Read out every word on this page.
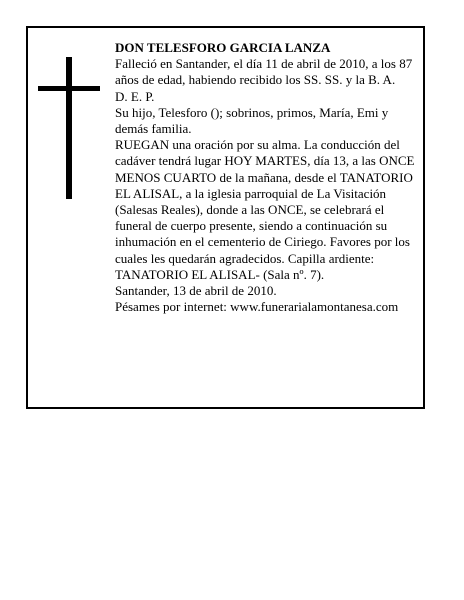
DON TELESFORO GARCIA LANZA

Falleció en Santander, el día 11 de abril de 2010, a los 87 años de edad, habiendo recibido los SS. SS. y la B. A.

D. E. P.

Su hijo, Telesforo (); sobrinos, primos, María, Emi y demás familia.

RUEGAN una oración por su alma. La conducción del cadáver tendrá lugar HOY MARTES, día 13, a las ONCE MENOS CUARTO de la mañana, desde el TANATORIO EL ALISAL, a la iglesia parroquial de La Visitación (Salesas Reales), donde a las ONCE, se celebrará el funeral de cuerpo presente, siendo a continuación su inhumación en el cementerio de Ciriego. Favores por los cuales les quedarán agradecidos. Capilla ardiente: TANATORIO EL ALISAL- (Sala nº. 7).

Santander, 13 de abril de 2010.

Pésames por internet: www.funerarialamontanesa.com
